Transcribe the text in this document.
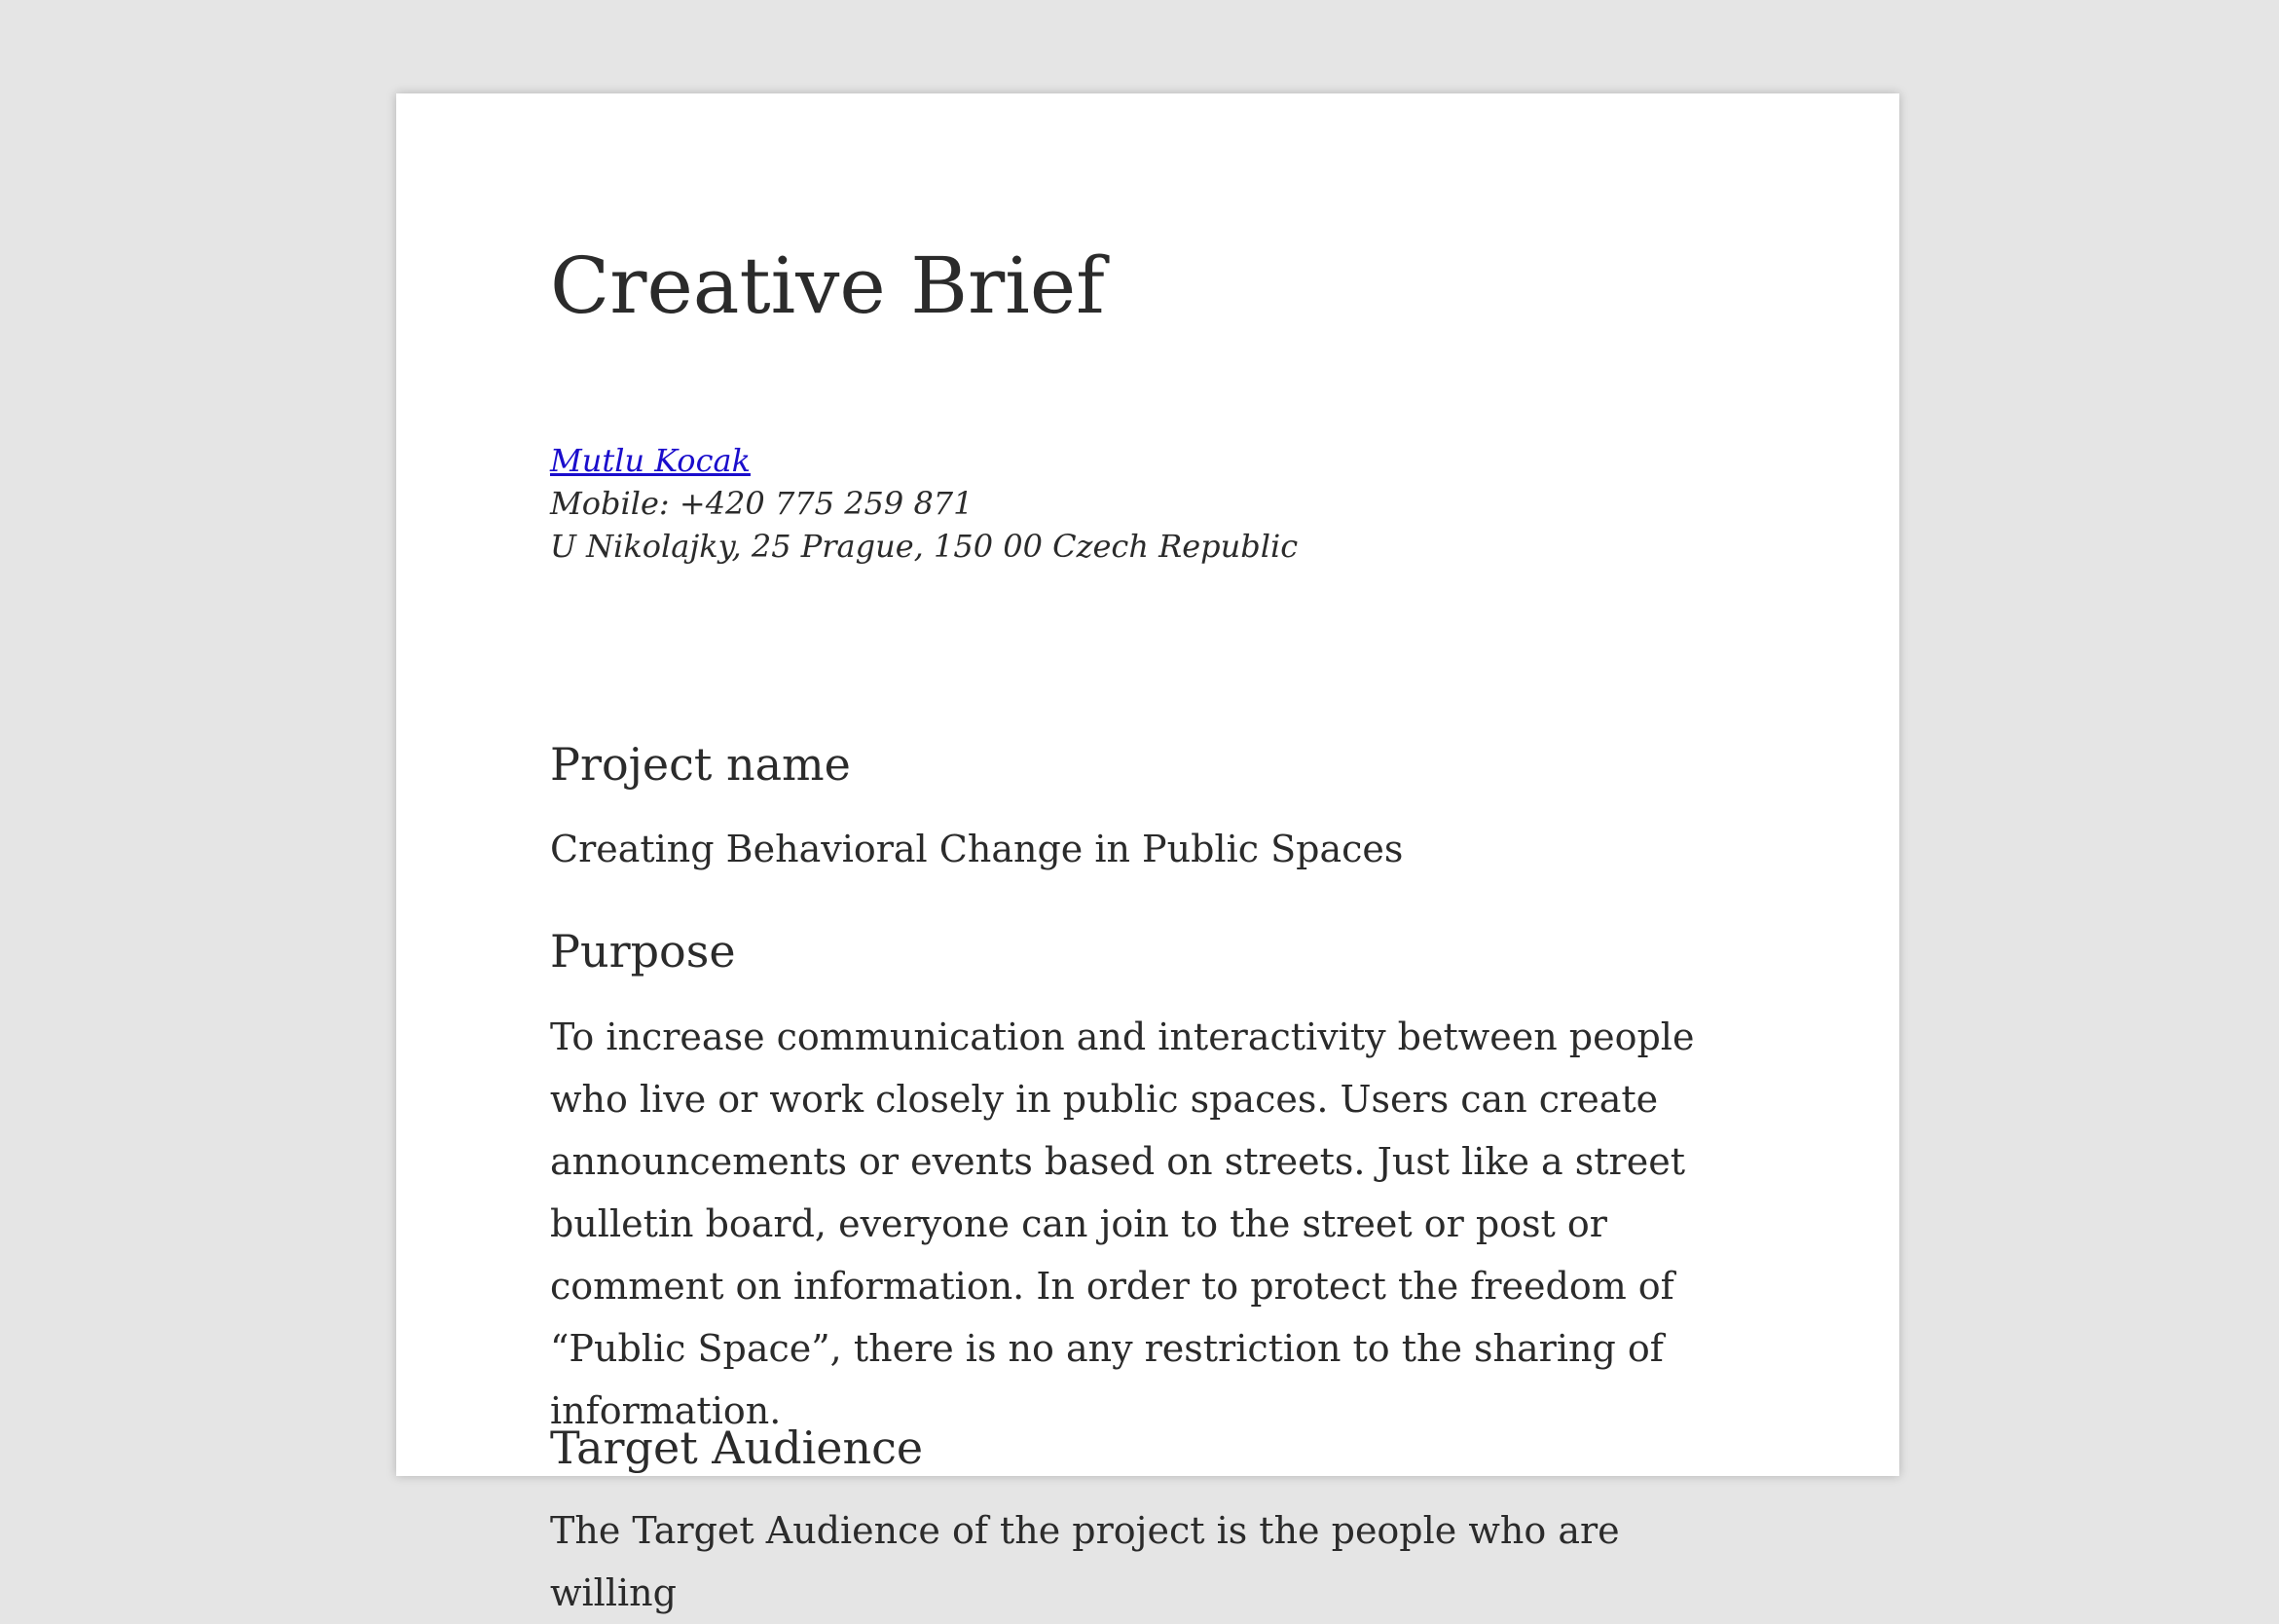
Creative Brief
Mutlu Kocak
Mobile: +420 775 259 871
U Nikolajky, 25 Prague, 150 00 Czech Republic
Project name

Creating Behavioral Change in Public Spaces

Purpose

To increase communication and interactivity between people who live or work closely in public spaces. Users can create announcements or events based on streets. Just like a street bulletin board, everyone can join to the street or post or comment on information. In order to protect the freedom of “Public Space”, there is no any restriction to the sharing of information.

Target Audience

The Target Audience of the project is the people who are willing
